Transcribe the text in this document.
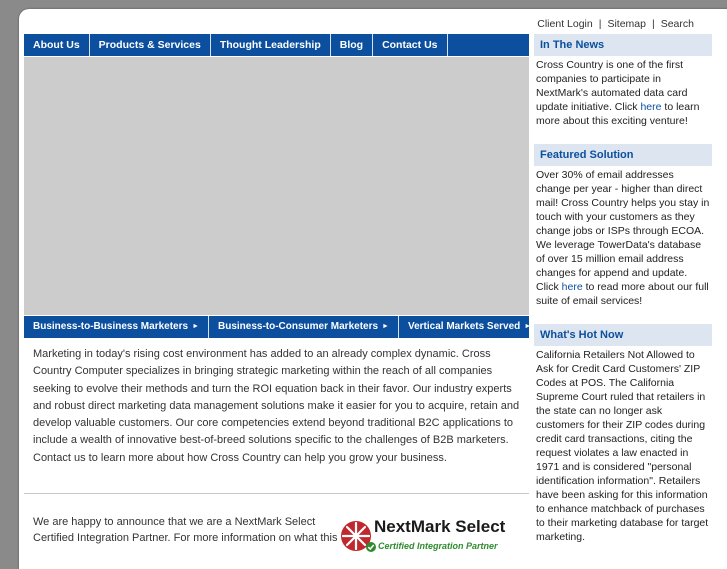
Client Login | Sitemap | Search
About Us	Products & Services	Thought Leadership	Blog	Contact Us
Business-to-Business Marketers ►	Business-to-Consumer Marketers ►	Vertical Markets Served ►
Marketing in today's rising cost environment has added to an already complex dynamic. Cross Country Computer specializes in bringing strategic marketing within the reach of all companies seeking to evolve their methods and turn the ROI equation back in their favor. Our industry experts and robust direct marketing data management solutions make it easier for you to acquire, retain and develop valuable customers. Our core competencies extend beyond traditional B2C applications to include a wealth of innovative best-of-breed solutions specific to the challenges of B2B marketers. Contact us to learn more about how Cross Country can help you grow your business.
We are happy to announce that we are a NextMark Select Certified Integration Partner. For more information on what this
NextMark Select
Certified Integration Partner
In The News
Cross Country is one of the first companies to participate in NextMark's automated data card update initiative. Click here to learn more about this exciting venture!
Featured Solution
Over 30% of email addresses change per year - higher than direct mail! Cross Country helps you stay in touch with your customers as they change jobs or ISPs through ECOA. We leverage TowerData's database of over 15 million email address changes for append and update. Click here to read more about our full suite of email services!
What's Hot Now
California Retailers Not Allowed to Ask for Credit Card Customers' ZIP Codes at POS. The California Supreme Court ruled that retailers in the state can no longer ask customers for their ZIP codes during credit card transactions, citing the request violates a law enacted in 1971 and is considered "personal identification information". Retailers have been asking for this information to enhance matchback of purchases to their marketing database for target marketing.
